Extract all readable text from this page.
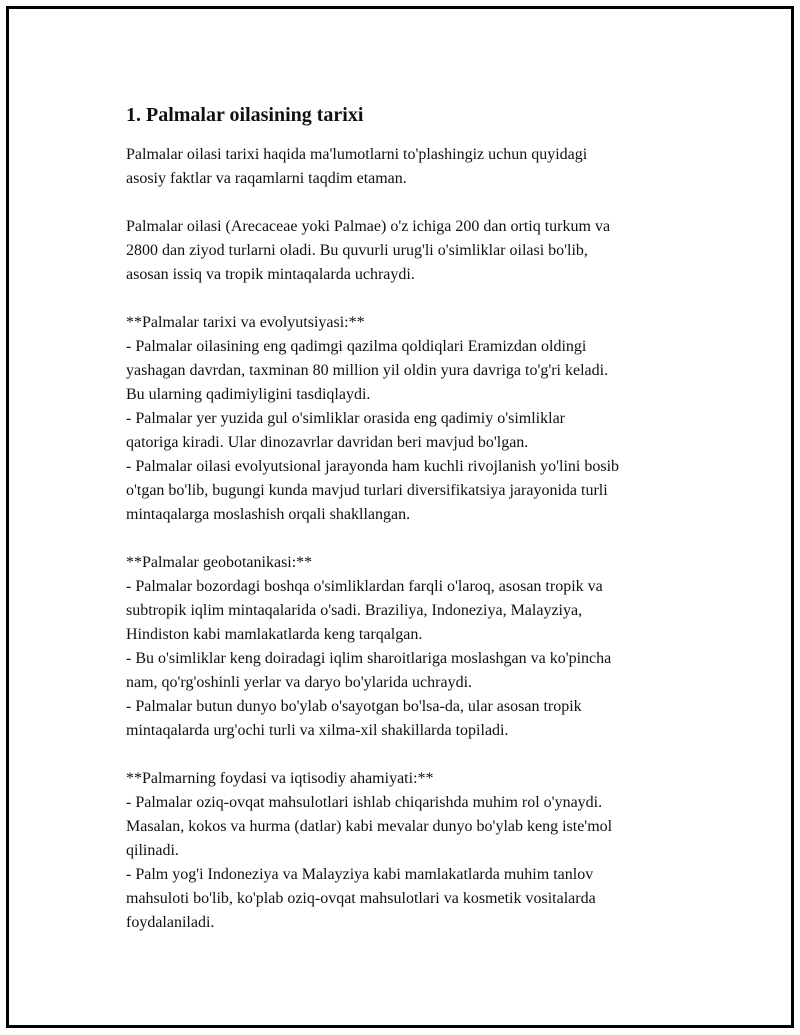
1. Palmalar oilasining tarixi
Palmalar oilasi tarixi haqida ma'lumotlarni to'plashingiz uchun quyidagi
asosiy faktlar va raqamlarni taqdim etaman.
Palmalar oilasi (Arecaceae yoki Palmae) o'z ichiga 200 dan ortiq turkum va
2800 dan ziyod turlarni oladi. Bu quvurli urug'li o'simliklar oilasi bo'lib,
asosan issiq va tropik mintaqalarda uchraydi.
**Palmalar tarixi va evolyutsiyasi:**
- Palmalar oilasining eng qadimgi qazilma qoldiqlari Eramizdan oldingi
yashagan davrdan, taxminan 80 million yil oldin yura davriga to'g'ri keladi.
Bu ularning qadimiyligini tasdiqlaydi.
- Palmalar yer yuzida gul o'simliklar orasida eng qadimiy o'simliklar
qatoriga kiradi. Ular dinozavrlar davridan beri mavjud bo'lgan.
- Palmalar oilasi evolyutsional jarayonda ham kuchli rivojlanish yo'lini bosib
o'tgan bo'lib, bugungi kunda mavjud turlari diversifikatsiya jarayonida turli
mintaqalarga moslashish orqali shakllangan.
**Palmalar geobotanikasi:**
- Palmalar bozordagi boshqa o'simliklardan farqli o'laroq, asosan tropik va
subtropik iqlim mintaqalarida o'sadi. Braziliya, Indoneziya, Malayziya,
Hindiston kabi mamlakatlarda keng tarqalgan.
- Bu o'simliklar keng doiradagi iqlim sharoitlariga moslashgan va ko'pincha
nam, qo'rg'oshinli yerlar va daryo bo'ylarida uchraydi.
- Palmalar butun dunyo bo'ylab o'sayotgan bo'lsa-da, ular asosan tropik
mintaqalarda urg'ochi turli va xilma-xil shakillarda topiladi.
**Palmarning foydasi va iqtisodiy ahamiyati:**
- Palmalar oziq-ovqat mahsulotlari ishlab chiqarishda muhim rol o'ynaydi.
Masalan, kokos va hurma (datlar) kabi mevalar dunyo bo'ylab keng iste'mol
qilinadi.
- Palm yog'i Indoneziya va Malayziya kabi mamlakatlarda muhim tanlov
mahsuloti bo'lib, ko'plab oziq-ovqat mahsulotlari va kosmetik vositalarda
foydalaniladi.
